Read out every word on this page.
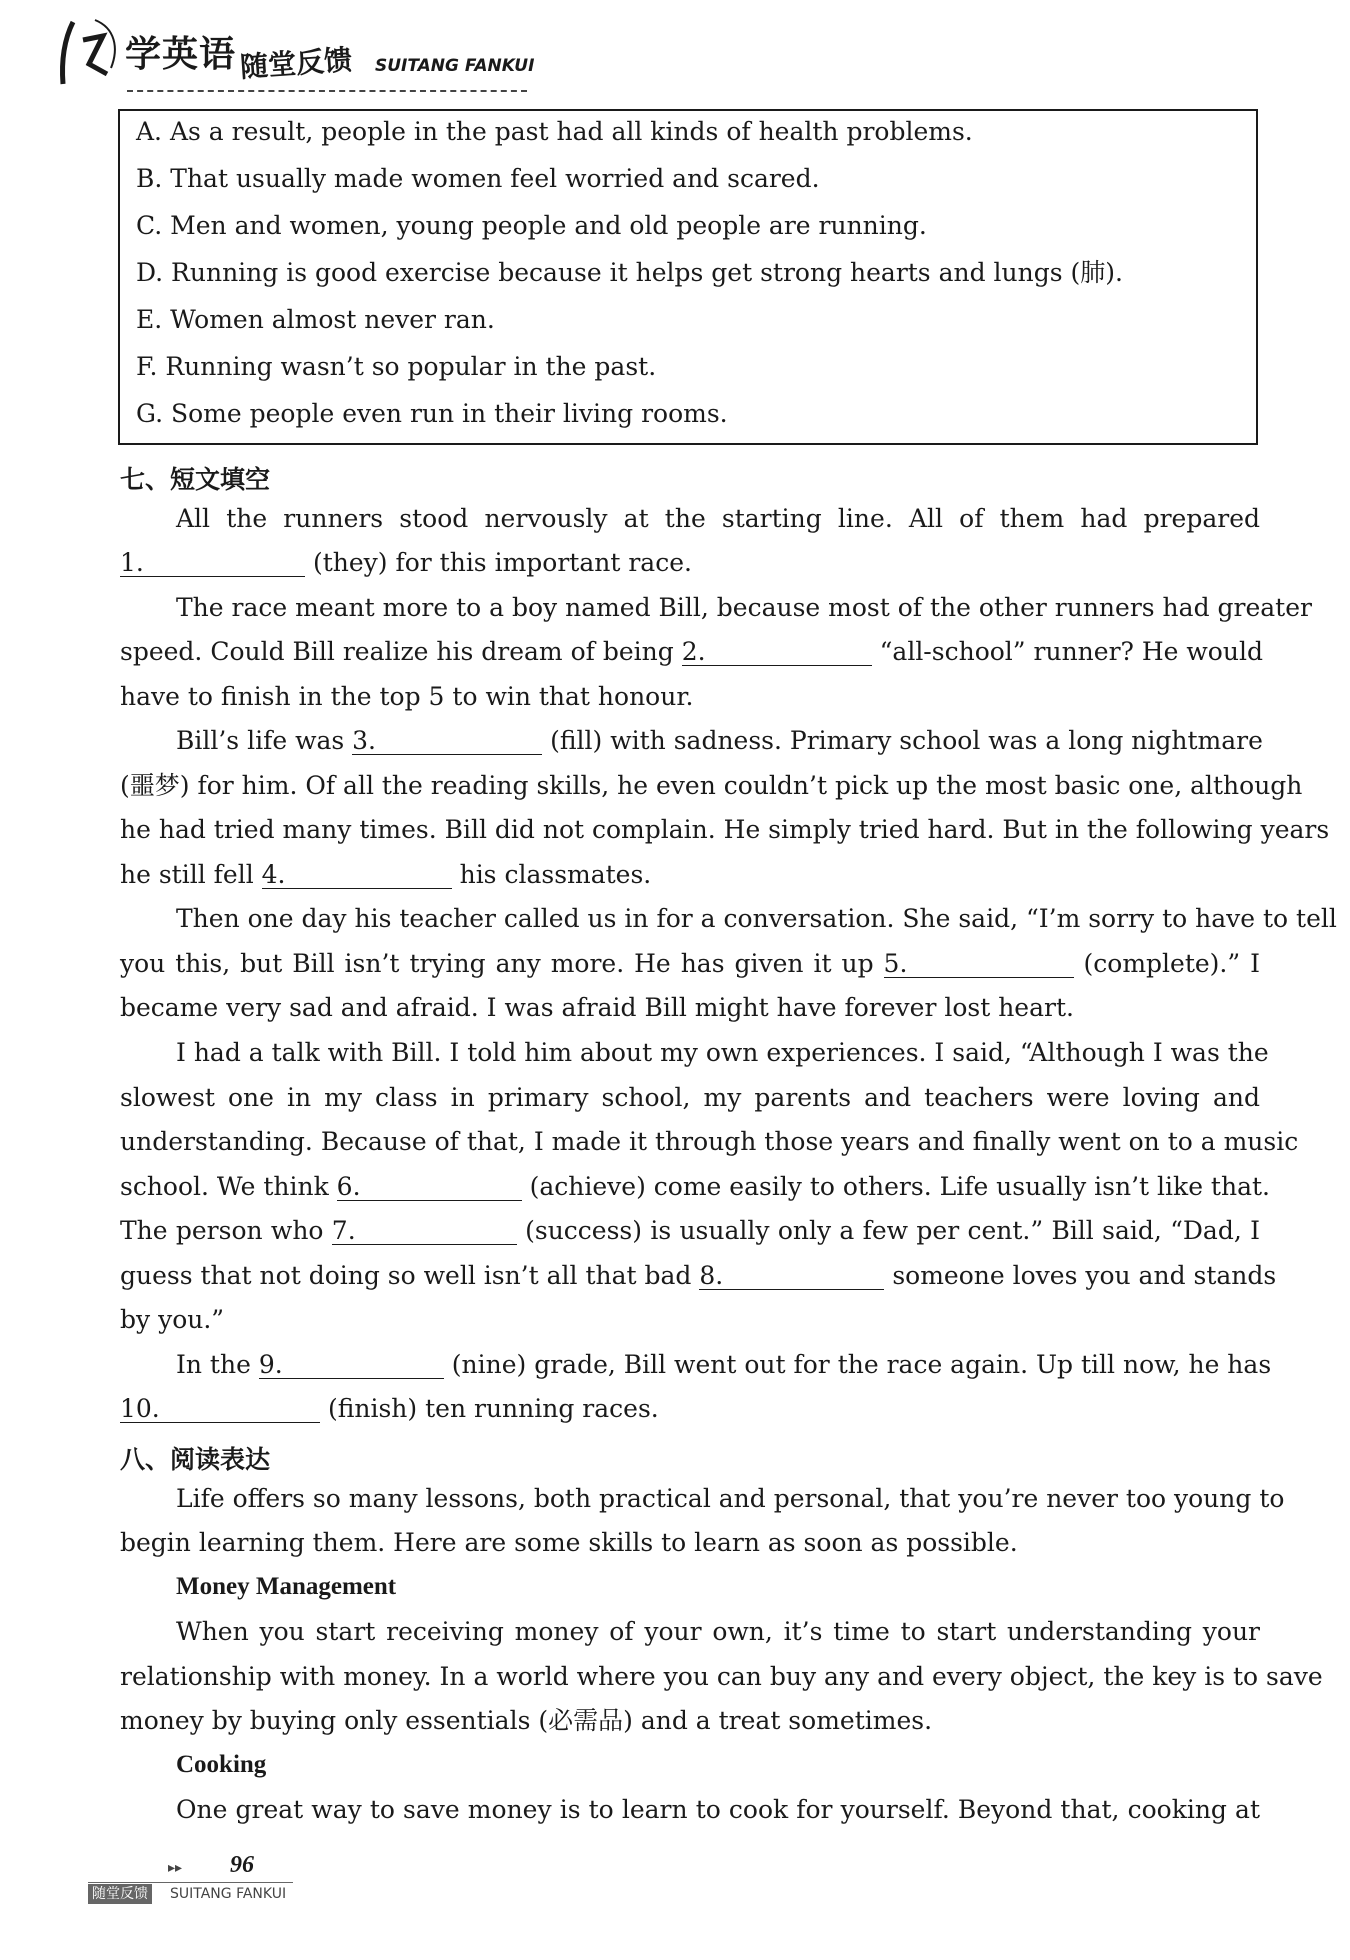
学英语 随堂反馈 SUITANG FANKUI
A. As a result, people in the past had all kinds of health problems.
B. That usually made women feel worried and scared.
C. Men and women, young people and old people are running.
D. Running is good exercise because it helps get strong hearts and lungs (肺).
E. Women almost never ran.
F. Running wasn’t so popular in the past.
G. Some people even run in their living rooms.
七、短文填空
All the runners stood nervously at the starting line. All of them had prepared
1.	(they) for this important race.
The race meant more to a boy named Bill, because most of the other runners had greater
speed. Could Bill realize his dream of being 2.	“all-school” runner? He would
have to finish in the top 5 to win that honour.
Bill’s life was 3.	(fill) with sadness. Primary school was a long nightmare
(噩梦) for him. Of all the reading skills, he even couldn’t pick up the most basic one, although
he had tried many times. Bill did not complain. He simply tried hard. But in the following years
he still fell 4.	his classmates.
Then one day his teacher called us in for a conversation. She said, “I’m sorry to have to tell
you this, but Bill isn’t trying any more. He has given it up 5.	(complete).” I
became very sad and afraid. I was afraid Bill might have forever lost heart.
I had a talk with Bill. I told him about my own experiences. I said, “Although I was the
slowest one in my class in primary school, my parents and teachers were loving and
understanding. Because of that, I made it through those years and finally went on to a music
school. We think 6.	(achieve) come easily to others. Life usually isn’t like that.
The person who 7.	(success) is usually only a few per cent.” Bill said, “Dad, I
guess that not doing so well isn’t all that bad 8.	someone loves you and stands
by you.”
In the 9.	(nine) grade, Bill went out for the race again. Up till now, he has
10.	(finish) ten running races.
八、阅读表达
Life offers so many lessons, both practical and personal, that you’re never too young to
begin learning them. Here are some skills to learn as soon as possible.
Money Management
When you start receiving money of your own, it’s time to start understanding your
relationship with money. In a world where you can buy any and every object, the key is to save
money by buying only essentials (必需品) and a treat sometimes.
Cooking
One great way to save money is to learn to cook for yourself. Beyond that, cooking at
▸▸ 96
随堂反馈 SUITANG FANKUI
